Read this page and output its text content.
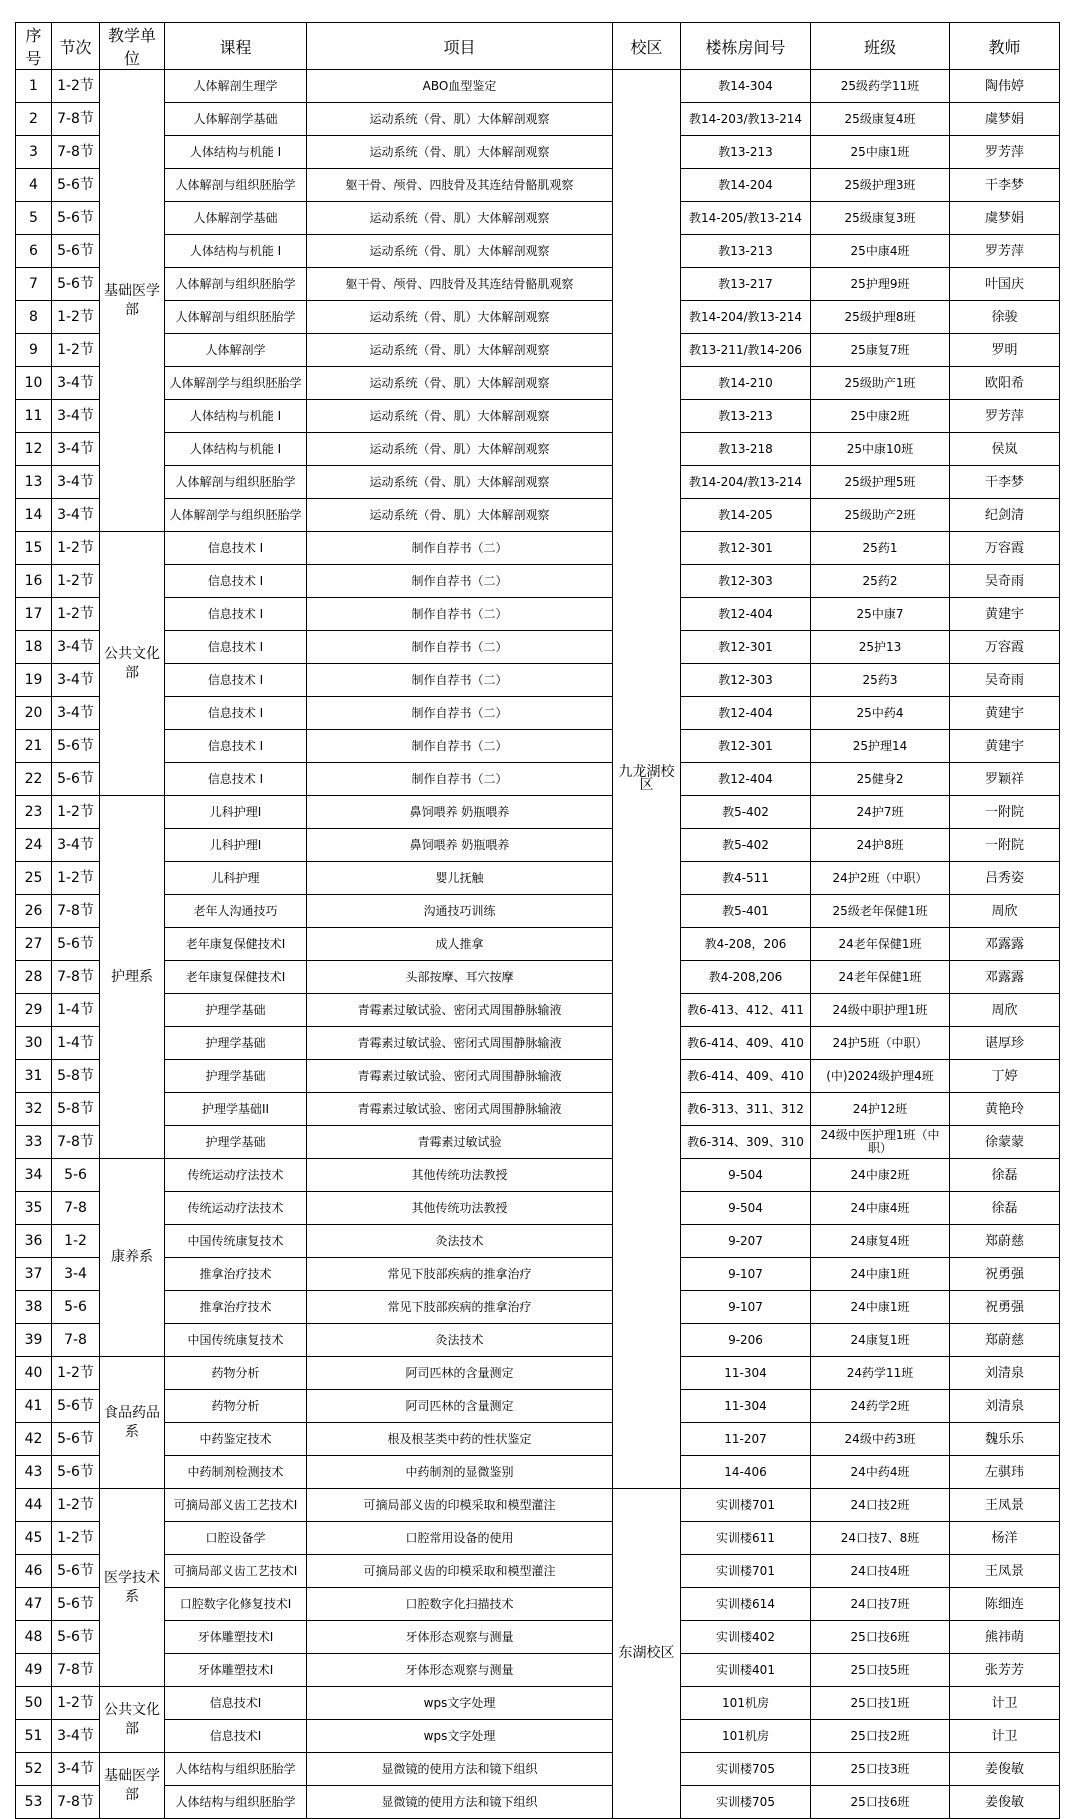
序号	节次	教学单位	课程	项目	校区	楼栋房间号	班级	教师
1	1-2节	基础医学部	人体解剖生理学	ABO血型鉴定	九龙湖校区	教14-304	25级药学11班	陶伟婷
2	7-8节		人体解剖学基础	运动系统（骨、肌）大体解剖观察		教14-203/教13-214	25级康复4班	虞梦娟
3	7-8节		人体结构与机能 I	运动系统（骨、肌）大体解剖观察		教13-213	25中康1班	罗芳萍
4	5-6节		人体解剖与组织胚胎学	躯干骨、颅骨、四肢骨及其连结骨骼肌观察		教14-204	25级护理3班	干李梦
5	5-6节		人体解剖学基础	运动系统（骨、肌）大体解剖观察		教14-205/教13-214	25级康复3班	虞梦娟
6	5-6节		人体结构与机能 I	运动系统（骨、肌）大体解剖观察		教13-213	25中康4班	罗芳萍
7	5-6节		人体解剖与组织胚胎学	躯干骨、颅骨、四肢骨及其连结骨骼肌观察		教13-217	25护理9班	叶国庆
8	1-2节		人体解剖与组织胚胎学	运动系统（骨、肌）大体解剖观察		教14-204/教13-214	25级护理8班	徐骏
9	1-2节		人体解剖学	运动系统（骨、肌）大体解剖观察		教13-211/教14-206	25康复7班	罗明
10	3-4节		人体解剖学与组织胚胎学	运动系统（骨、肌）大体解剖观察		教14-210	25级助产1班	欧阳希
11	3-4节		人体结构与机能 I	运动系统（骨、肌）大体解剖观察		教13-213	25中康2班	罗芳萍
12	3-4节		人体结构与机能 I	运动系统（骨、肌）大体解剖观察		教13-218	25中康10班	侯岚
13	3-4节		人体解剖与组织胚胎学	运动系统（骨、肌）大体解剖观察		教14-204/教13-214	25级护理5班	干李梦
14	3-4节		人体解剖学与组织胚胎学	运动系统（骨、肌）大体解剖观察		教14-205	25级助产2班	纪剑清
15	1-2节	公共文化部	信息技术 I	制作自荐书（二）		教12-301	25药1	万容霞
16	1-2节		信息技术 I	制作自荐书（二）		教12-303	25药2	吴奇雨
17	1-2节		信息技术 I	制作自荐书（二）		教12-404	25中康7	黄建宇
18	3-4节		信息技术 I	制作自荐书（二）		教12-301	25护13	万容霞
19	3-4节		信息技术 I	制作自荐书（二）		教12-303	25药3	吴奇雨
20	3-4节		信息技术 I	制作自荐书（二）		教12-404	25中药4	黄建宇
21	5-6节		信息技术 I	制作自荐书（二）		教12-301	25护理14	黄建宇
22	5-6节		信息技术 I	制作自荐书（二）		教12-404	25健身2	罗颖祥
23	1-2节	护理系	儿科护理I	鼻饲喂养 奶瓶喂养		教5-402	24护7班	一附院
24	3-4节		儿科护理I	鼻饲喂养 奶瓶喂养		教5-402	24护8班	一附院
25	1-2节		儿科护理	婴儿抚触		教4-511	24护2班（中职）	吕秀姿
26	7-8节		老年人沟通技巧	沟通技巧训练		教5-401	25级老年保健1班	周欣
27	5-6节		老年康复保健技术I	成人推拿		教4-208，206	24老年保健1班	邓露露
28	7-8节		老年康复保健技术I	头部按摩、耳穴按摩		教4-208,206	24老年保健1班	邓露露
29	1-4节		护理学基础	青霉素过敏试验、密闭式周围静脉输液		教6-413、412、411	24级中职护理1班	周欣
30	1-4节		护理学基础	青霉素过敏试验、密闭式周围静脉输液		教6-414、409、410	24护5班（中职）	谌厚珍
31	5-8节		护理学基础	青霉素过敏试验、密闭式周围静脉输液		教6-414、409、410	(中)2024级护理4班	丁婷
32	5-8节		护理学基础II	青霉素过敏试验、密闭式周围静脉输液		教6-313、311、312	24护12班	黄艳玲
33	7-8节		护理学基础	青霉素过敏试验		教6-314、309、310	24级中医护理1班（中职）	徐蒙蒙
34	5-6	康养系	传统运动疗法技术	其他传统功法教授		9-504	24中康2班	徐磊
35	7-8		传统运动疗法技术	其他传统功法教授		9-504	24中康4班	徐磊
36	1-2		中国传统康复技术	灸法技术		9-207	24康复4班	郑蔚慈
37	3-4		推拿治疗技术	常见下肢部疾病的推拿治疗		9-107	24中康1班	祝勇强
38	5-6		推拿治疗技术	常见下肢部疾病的推拿治疗		9-107	24中康1班	祝勇强
39	7-8		中国传统康复技术	灸法技术		9-206	24康复1班	郑蔚慈
40	1-2节	食品药品系	药物分析	阿司匹林的含量测定		11-304	24药学11班	刘清泉
41	5-6节		药物分析	阿司匹林的含量测定		11-304	24药学2班	刘清泉
42	5-6节		中药鉴定技术	根及根茎类中药的性状鉴定		11-207	24级中药3班	魏乐乐
43	5-6节		中药制剂检测技术	中药制剂的显微鉴别		14-406	24中药4班	左骐玮
44	1-2节	医学技术系	可摘局部义齿工艺技术I	可摘局部义齿的印模采取和模型灌注	东湖校区	实训楼701	24口技2班	王凤景
45	1-2节		口腔设备学	口腔常用设备的使用		实训楼611	24口技7、8班	杨洋
46	5-6节		可摘局部义齿工艺技术I	可摘局部义齿的印模采取和模型灌注		实训楼701	24口技4班	王凤景
47	5-6节		口腔数字化修复技术I	口腔数字化扫描技术		实训楼614	24口技7班	陈细连
48	5-6节		牙体雕塑技术I	牙体形态观察与测量		实训楼402	25口技6班	熊祎萌
49	7-8节		牙体雕塑技术I	牙体形态观察与测量		实训楼401	25口技5班	张芳芳
50	1-2节	公共文化部	信息技术I	wps文字处理		101机房	25口技1班	计卫
51	3-4节		信息技术I	wps文字处理		101机房	25口技2班	计卫
52	3-4节	基础医学部	人体结构与组织胚胎学	显微镜的使用方法和镜下组织		实训楼705	25口技3班	姜俊敏
53	7-8节		人体结构与组织胚胎学	显微镜的使用方法和镜下组织		实训楼705	25口技6班	姜俊敏
